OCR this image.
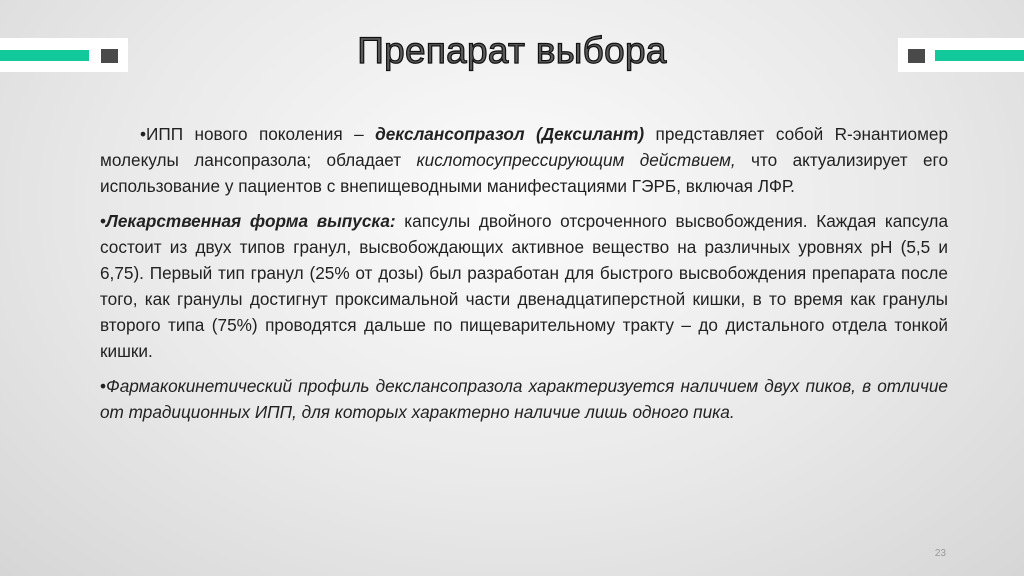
Препарат выбора

•ИПП нового поколения – декслансопразол (Дексилант) представляет собой R-энантиомер молекулы лансопразола; обладает кислотосупрессирующим действием, что актуализирует его использование у пациентов с внепищеводными манифестациями ГЭРБ, включая ЛФР.

•Лекарственная форма выпуска: капсулы двойного отсроченного высвобождения. Каждая капсула состоит из двух типов гранул, высвобождающих активное вещество на различных уровнях pH (5,5 и 6,75). Первый тип гранул (25% от дозы) был разработан для быстрого высвобождения препарата после того, как гранулы достигнут проксимальной части двенадцатиперстной кишки, в то время как гранулы второго типа (75%) проводятся дальше по пищеварительному тракту – до дистального отдела тонкой кишки.

•Фармакокинетический профиль декслансопразола характеризуется наличием двух пиков, в отличие от традиционных ИПП, для которых характерно наличие лишь одного пика.

23
